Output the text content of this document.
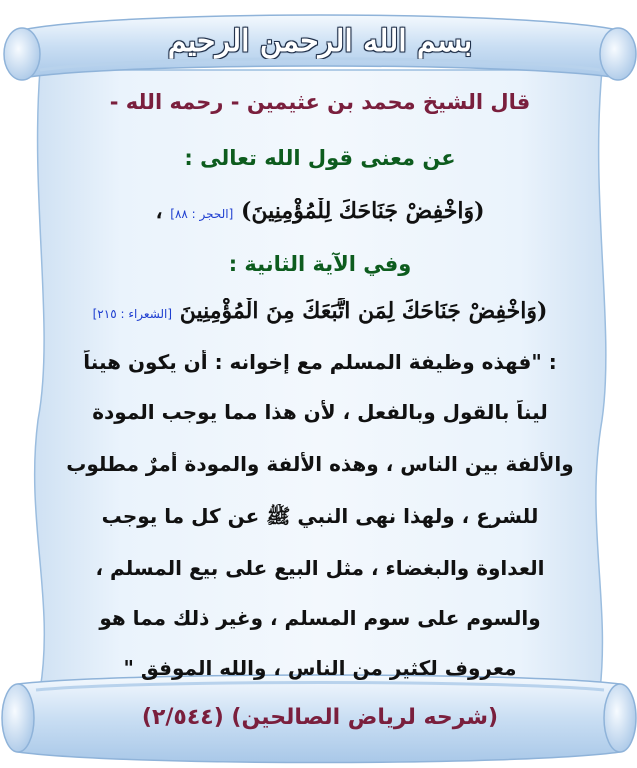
بسم الله الرحمن الرحيم
قال الشيخ محمد بن عثيمين - رحمه الله -
عن معنى قول الله تعالى :
(وَاخْفِضْ جَنَاحَكَ لِلْمُؤْمِنِينَ) [الحجر : ٨٨] ،
وفي الآية الثانية :
(وَاخْفِضْ جَنَاحَكَ لِمَنِ اتَّبَعَكَ مِنَ الْمُؤْمِنِينَ [الشعراء : ٢١٥]
: "فهذه وظيفة المسلم مع إخوانه : أن يكون هيناً
ليناً بالقول وبالفعل ، لأن هذا مما يوجب المودة
والألفة بين الناس ، وهذه الألفة والمودة أمرٌ مطلوب
للشرع ، ولهذا نهى النبي ﷺ عن كل ما يوجب
العداوة والبغضاء ، مثل البيع على بيع المسلم ،
والسوم على سوم المسلم ، وغير ذلك مما هو
معروف لكثير من الناس ، والله الموفق "
(شرحه لرياض الصالحين) (٢/٥٤٤)
